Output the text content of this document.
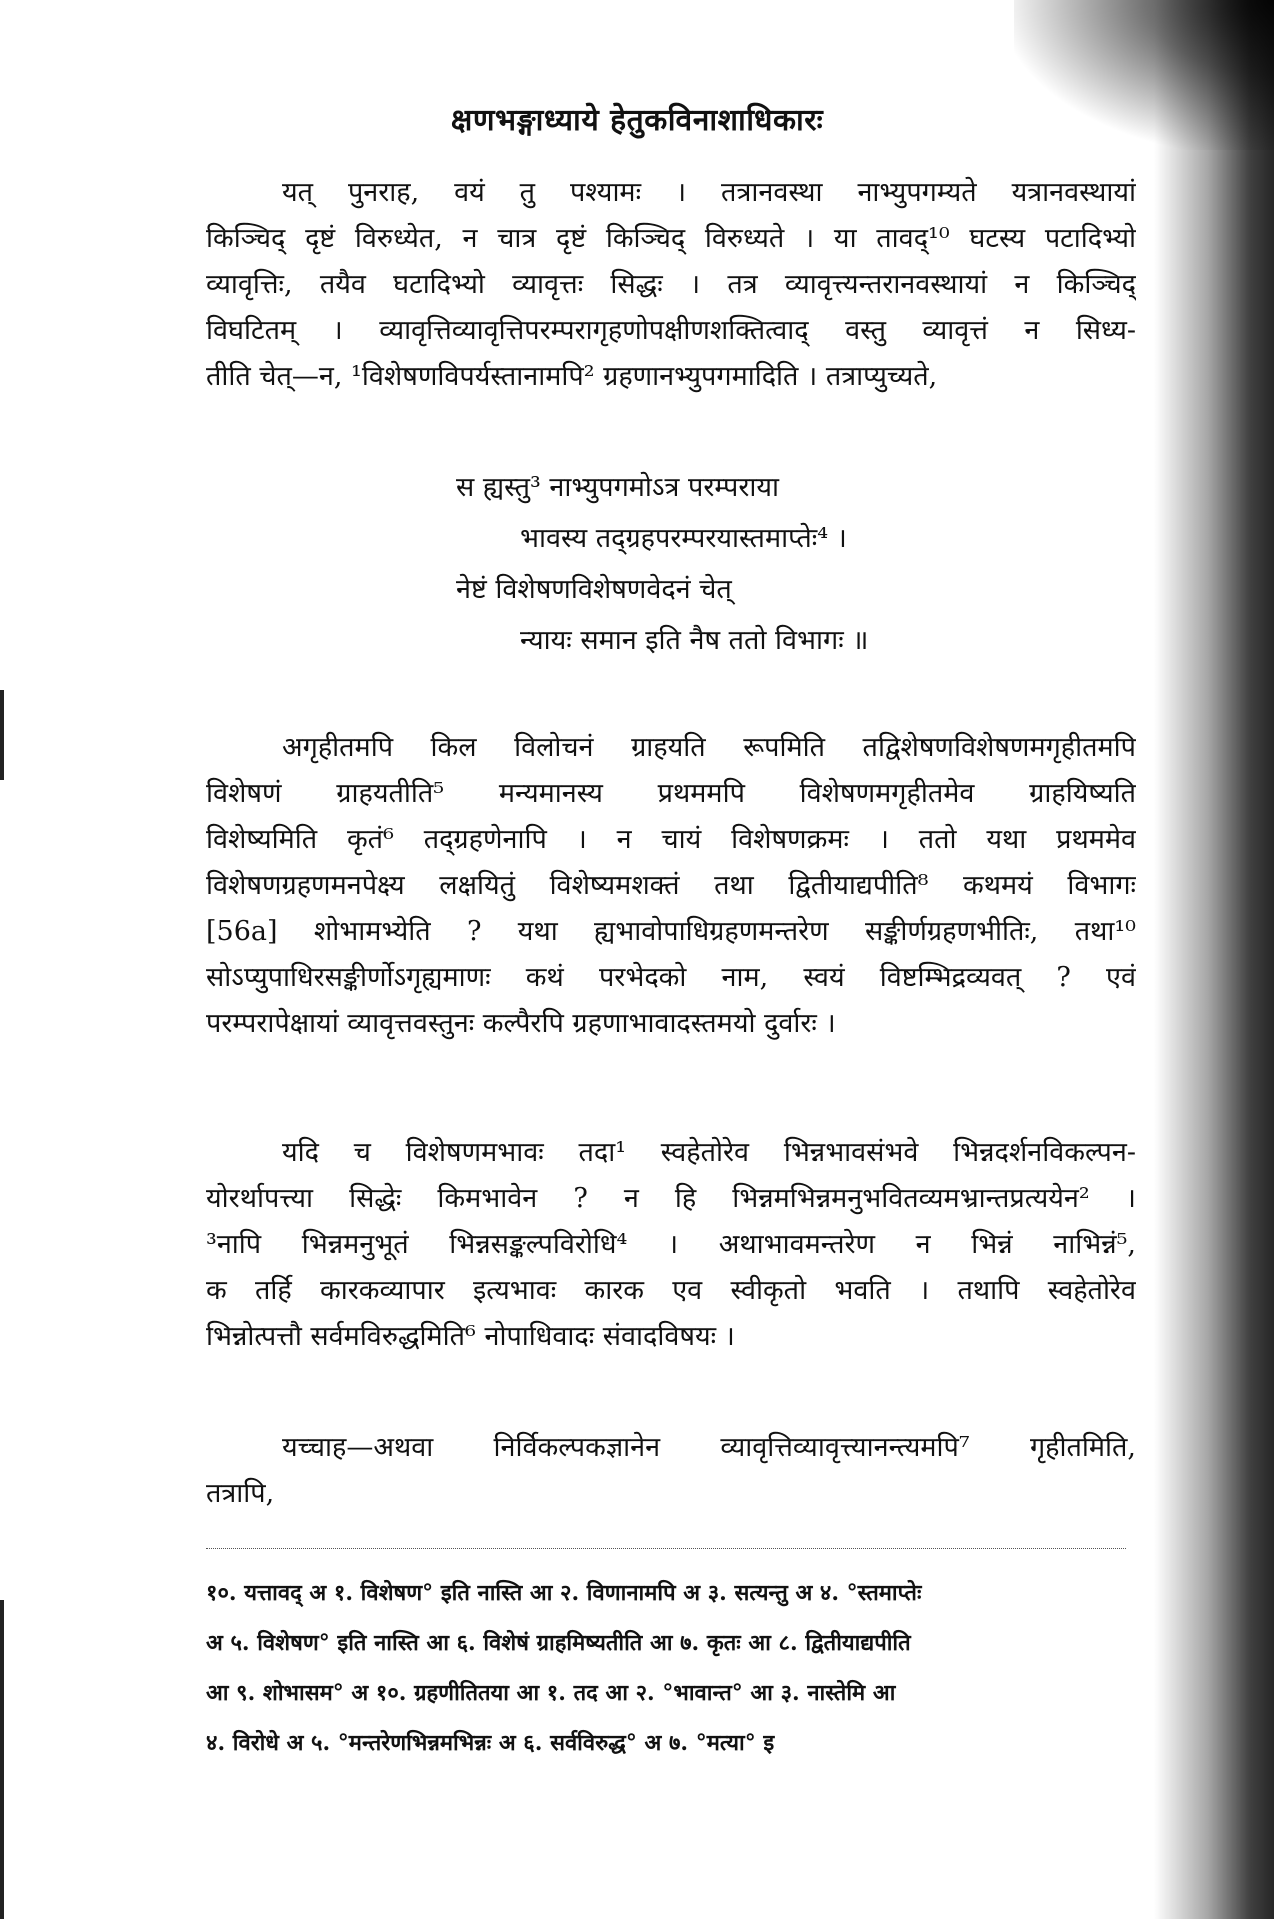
क्षणभङ्गाध्याये हेतुकविनाशाधिकारः
यत् पुनराह, वयं तु पश्यामः । तत्रानवस्था नाभ्युपगम्यते यत्रानवस्थायां
किञ्चिद् दृष्टं विरुध्येत, न चात्र दृष्टं किञ्चिद् विरुध्यते । या तावद्¹⁰ घटस्य पटादिभ्यो
व्यावृत्तिः, तयैव घटादिभ्यो व्यावृत्तः सिद्धः । तत्र व्यावृत्त्यन्तरानवस्थायां न किञ्चिद्
विघटितम् । व्यावृत्तिव्यावृत्तिपरम्परागृहणोपक्षीणशक्तित्वाद् वस्तु व्यावृत्तं न सिध्य-
तीति चेत्—न, ¹विशेषणविपर्यस्तानामपि² ग्रहणानभ्युपगमादिति । तत्राप्युच्यते,
स ह्यस्तु³ नाभ्युपगमोऽत्र परम्पराया
भावस्य तद्ग्रहपरम्परयास्तमाप्तेः⁴ ।
नेष्टं विशेषणविशेषणवेदनं चेत्
न्यायः समान इति नैष ततो विभागः ॥
अगृहीतमपि किल विलोचनं ग्राहयति रूपमिति तद्विशेषणविशेषणमगृहीतमपि
विशेषणं ग्राहयतीति⁵ मन्यमानस्य प्रथममपि विशेषणमगृहीतमेव ग्राहयिष्यति
विशेष्यमिति कृतं⁶ तद्ग्रहणेनापि । न चायं विशेषणक्रमः । ततो यथा प्रथममेव
विशेषणग्रहणमनपेक्ष्य लक्षयितुं विशेष्यमशक्तं तथा द्वितीयाद्यपीति⁸ कथमयं विभागः
[56a] शोभामभ्येति ? यथा ह्यभावोपाधिग्रहणमन्तरेण सङ्कीर्णग्रहणभीतिः, तथा¹⁰
सोऽप्युपाधिरसङ्कीर्णोऽगृह्यमाणः कथं परभेदको नाम, स्वयं विष्टम्भिद्रव्यवत् ? एवं
परम्परापेक्षायां व्यावृत्तवस्तुनः कल्पैरपि ग्रहणाभावादस्तमयो दुर्वारः ।
यदि च विशेषणमभावः तदा¹ स्वहेतोरेव भिन्नभावसंभवे भिन्नदर्शनविकल्पन-
योरर्थापत्त्या सिद्धेः किमभावेन ? न हि भिन्नमभिन्नमनुभवितव्यमभ्रान्तप्रत्ययेन² ।
³नापि भिन्नमनुभूतं भिन्नसङ्कल्पविरोधि⁴ । अथाभावमन्तरेण न भिन्नं नाभिन्नं⁵,
क तर्हि कारकव्यापार इत्यभावः कारक एव स्वीकृतो भवति । तथापि स्वहेतोरेव
भिन्नोत्पत्तौ सर्वमविरुद्धमिति⁶ नोपाधिवादः संवादविषयः ।
यच्चाह—अथवा निर्विकल्पकज्ञानेन व्यावृत्तिव्यावृत्त्यानन्त्यमपि⁷ गृहीतमिति,
तत्रापि,
१०. यत्तावद् अ १. विशेषण° इति नास्ति आ २. विणानामपि अ ३. सत्यन्तु अ ४. °स्तमाप्तेः
अ ५. विशेषण° इति नास्ति आ ६. विशेषं ग्राहमिष्यतीति आ ७. कृतः आ ८. द्वितीयाद्यपीति
आ ९. शोभासम° अ १०. ग्रहणीतितया आ १. तद आ २. °भावान्त° आ ३. नास्तेमि आ
४. विरोधे अ ५. °मन्तरेणभिन्नमभिन्नः अ ६. सर्वविरुद्ध° अ ७. °मत्या° इ
